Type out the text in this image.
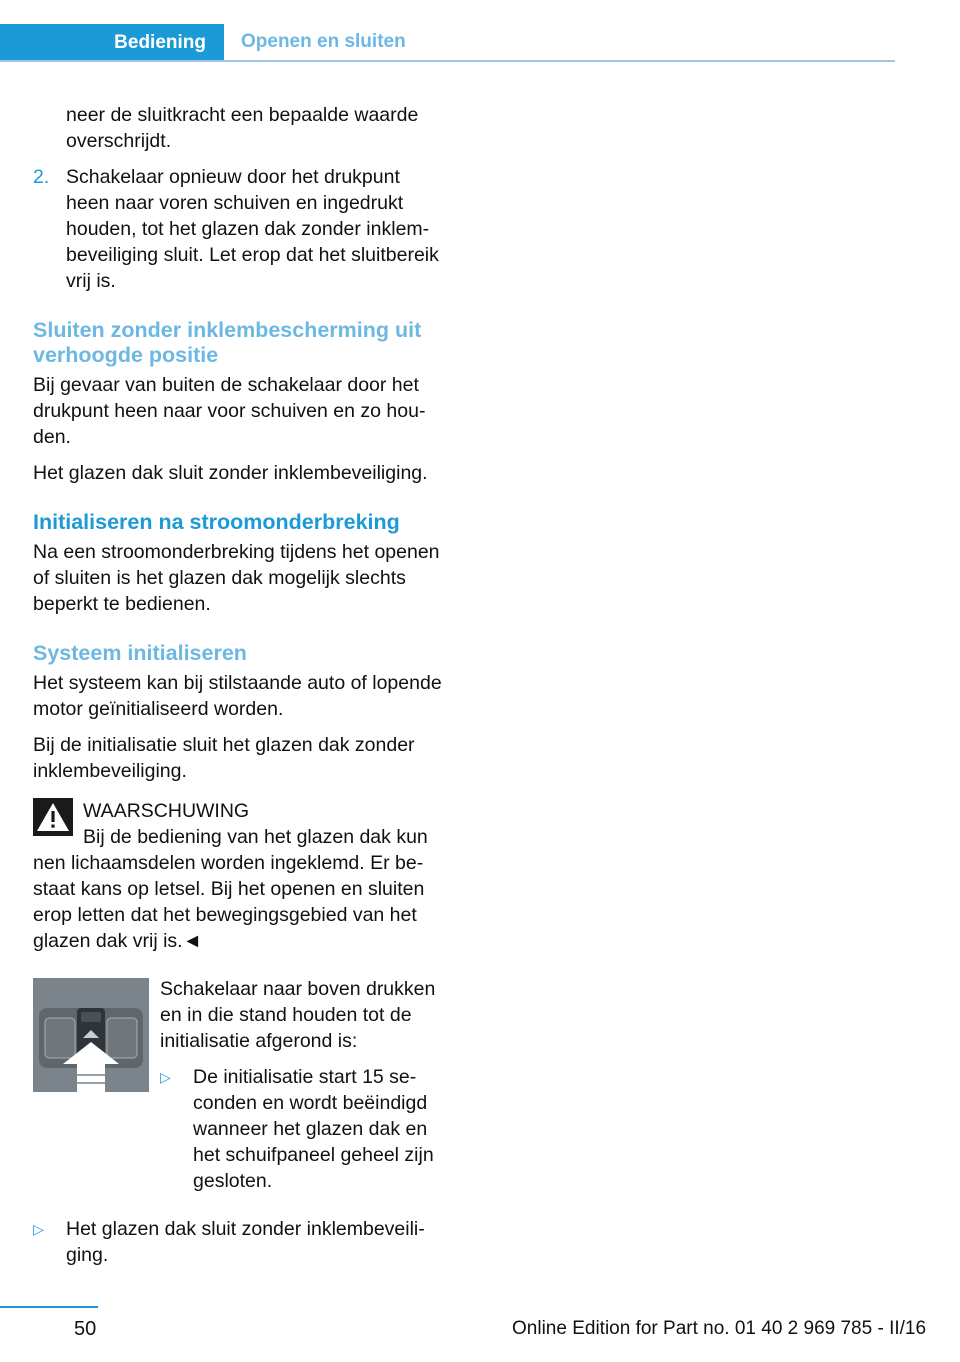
Bediening	Openen en sluiten

neer de sluitkracht een bepaalde waarde overschrijdt.

2. Schakelaar opnieuw door het drukpunt heen naar voren schuiven en ingedrukt houden, tot het glazen dak zonder inklembeveiliging sluit. Let erop dat het sluitbereik vrij is.
Sluiten zonder inklembescherming uit verhoogde positie

Bij gevaar van buiten de schakelaar door het drukpunt heen naar voor schuiven en zo houden.

Het glazen dak sluit zonder inklembeveiliging.

Initialiseren na stroomonderbreking

Na een stroomonderbreking tijdens het openen of sluiten is het glazen dak mogelijk slechts beperkt te bedienen.

Systeem initialiseren

Het systeem kan bij stilstaande auto of lopende motor geïnitialiseerd worden.

Bij de initialisatie sluit het glazen dak zonder inklembeveiliging.

WAARSCHUWING
Bij de bediening van het glazen dak kun
nen lichaamsdelen worden ingeklemd. Er bestaat kans op letsel. Bij het openen en sluiten erop letten dat het bewegingsgebied van het glazen dak vrij is.◄
Schakelaar naar boven drukken en in die stand houden tot de initialisatie afgerond is:
▷ De initialisatie start 15 seconden en wordt beëindigd wanneer het glazen dak en het schuifpaneel geheel zijn gesloten.
▷ Het glazen dak sluit zonder inklembeveiliging.
50	Online Edition for Part no. 01 40 2 969 785 - II/16
